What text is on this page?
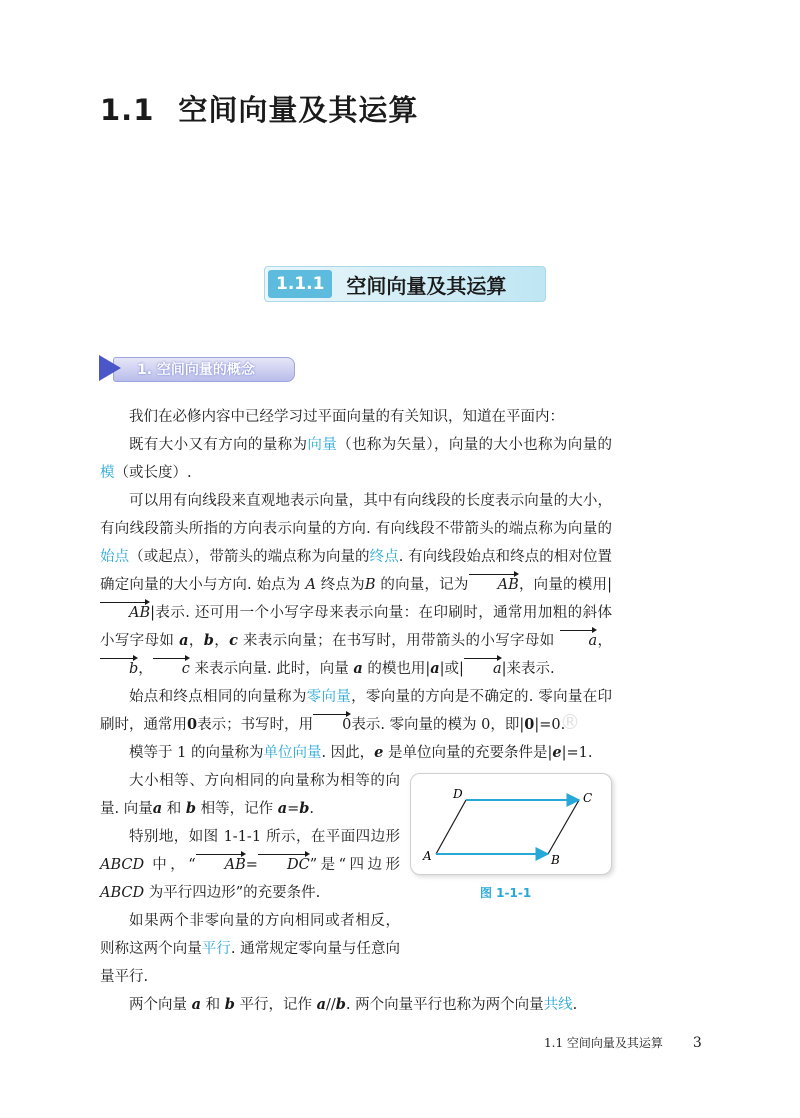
1.1 空间向量及其运算
1.1.1	空间向量及其运算
1. 空间向量的概念

我们在必修内容中已经学习过平面向量的有关知识，知道在平面内：

既有大小又有方向的量称为向量（也称为矢量），向量的大小也称为向量的模（或长度）.

可以用有向线段来直观地表示向量，其中有向线段的长度表示向量的大小，有向线段箭头所指的方向表示向量的方向. 有向线段不带箭头的端点称为向量的始点（或起点），带箭头的端点称为向量的终点. 有向线段始点和终点的相对位置确定向量的大小与方向. 始点为 A 终点为B 的向量，记为 AB，向量的模用|AB|表示. 还可用一个小写字母来表示向量：在印刷时，通常用加粗的斜体小写字母如 a，b，c 来表示向量；在书写时，用带箭头的小写字母如 a，b， c 来表示向量. 此时，向量 a 的模也用|a|或| a|来表示.

始点和终点相同的向量称为零向量，零向量的方向是不确定的. 零向量在印刷时，通常用0表示；书写时，用 0表示. 零向量的模为 0，即|0|=0.

模等于 1 的向量称为单位向量. 因此，e 是单位向量的充要条件是|e|=1.

大小相等、方向相同的向量称为相等的向量. 向量a 和 b 相等，记作 a=b.

特别地，如图 1-1-1 所示，在平面四边形 ABCD 中，“ AB= DC”是“四边形 ABCD 为平行四边形”的充要条件.

如果两个非零向量的方向相同或者相反，则称这两个向量平行. 通常规定零向量与任意向量平行.

两个向量 a 和 b 平行，记作 a//b. 两个向量平行也称为两个向量共线.

A	B
C
D
图 1-1-1
®
1.1 空间向量及其运算 3
